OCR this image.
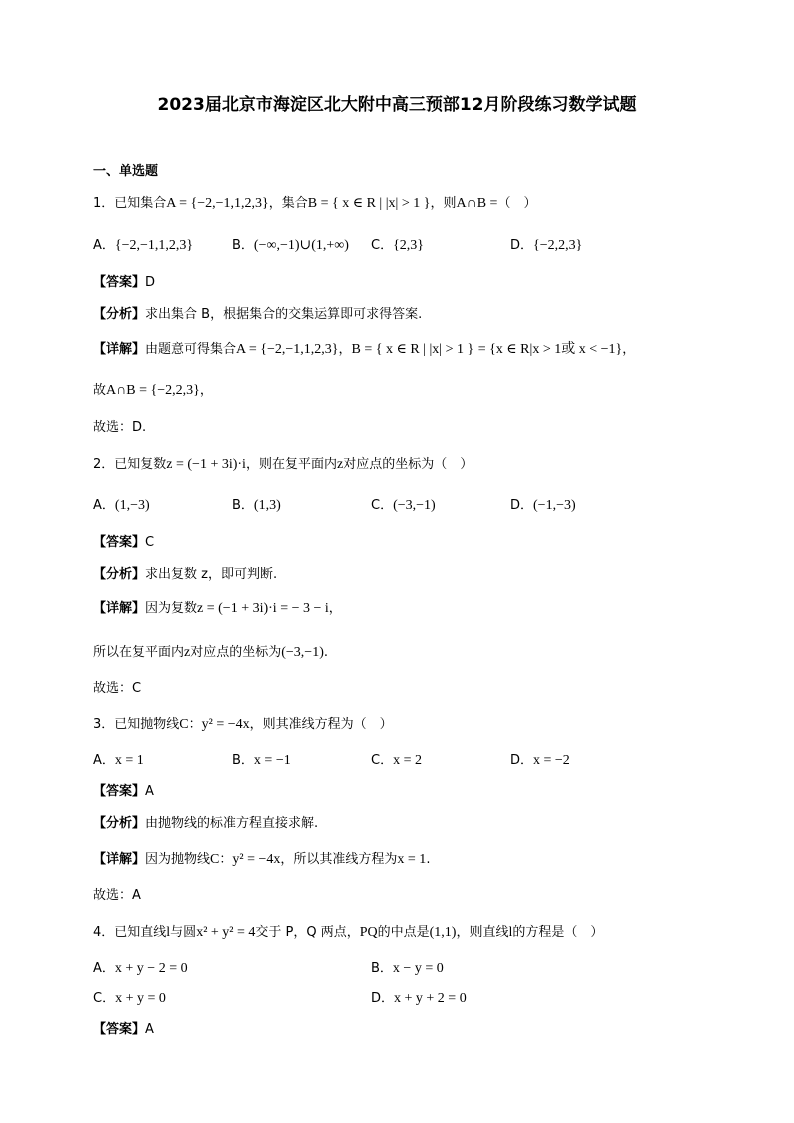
2023届北京市海淀区北大附中高三预部12月阶段练习数学试题
一、单选题
1．已知集合A = {−2,−1,1,2,3}，集合B = { x ∈ R | |x| > 1 }，则A∩B =（　）
A．{−2,−1,1,2,3}	B．(−∞,−1)∪(1,+∞) C．{2,3}	D．{−2,2,3}
【答案】D
【分析】求出集合 B，根据集合的交集运算即可求得答案.
【详解】由题意可得集合A = {−2,−1,1,2,3}，B = { x ∈ R | |x| > 1 } = {x ∈ R|x > 1或 x < −1}，
故A∩B = {−2,2,3}，
故选：D.
2．已知复数z = (−1 + 3i)·i，则在复平面内z对应点的坐标为（　）
A．(1,−3)	B．(1,3)	C．(−3,−1)	D．(−1,−3)
【答案】C
【分析】求出复数 z，即可判断.
【详解】因为复数z = (−1 + 3i)·i = − 3 − i，
所以在复平面内z对应点的坐标为(−3,−1).
故选：C
3．已知抛物线C：y² = −4x，则其准线方程为（　）
A．x = 1	B．x = −1	C．x = 2	D．x = −2
【答案】A
【分析】由抛物线的标准方程直接求解.
【详解】因为抛物线C：y² = −4x，所以其准线方程为x = 1.
故选：A
4．已知直线l与圆x² + y² = 4交于 P，Q 两点，PQ的中点是(1,1)，则直线l的方程是（　）
A．x + y − 2 = 0	B．x − y = 0
C．x + y = 0	D．x + y + 2 = 0
【答案】A
